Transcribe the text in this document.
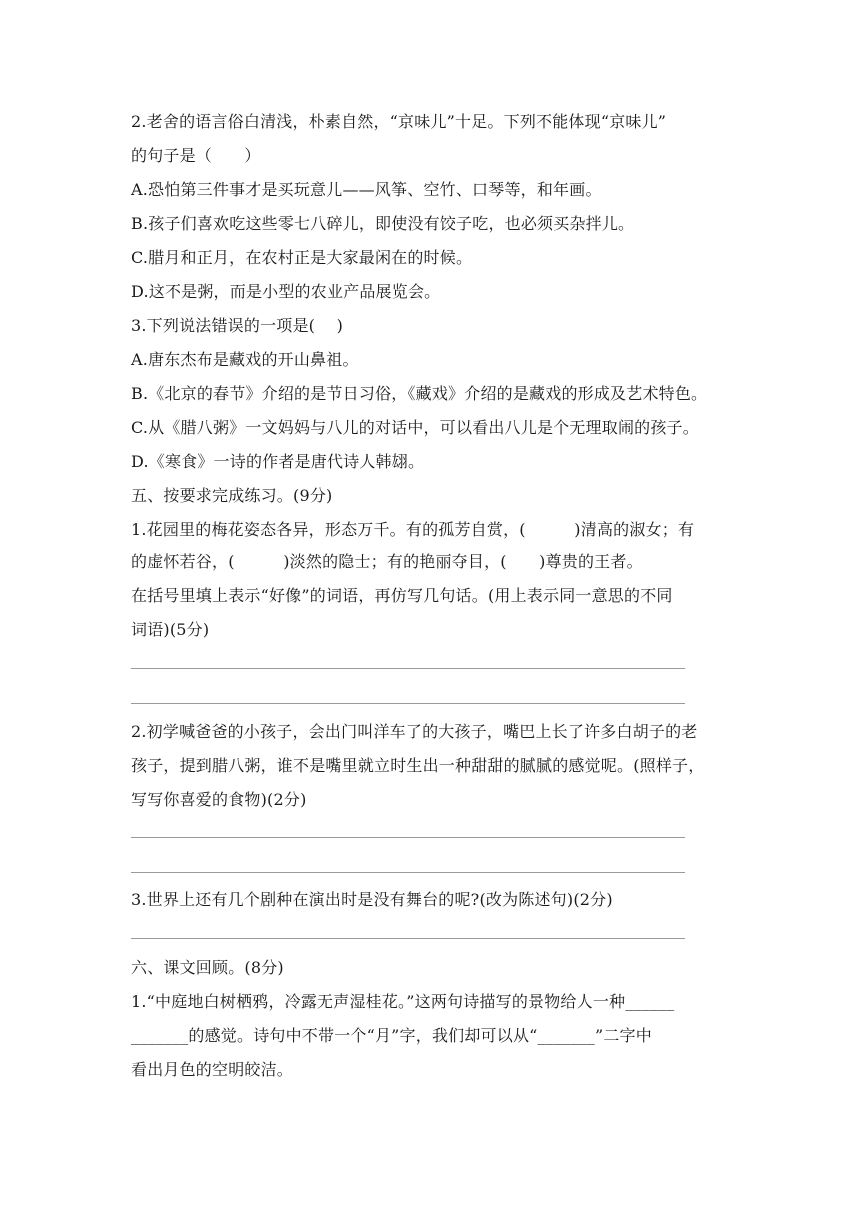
2.老舍的语言俗白清浅，朴素自然，“京味儿”十足。下列不能体现“京味儿”
的句子是（　　）
A.恐怕第三件事才是买玩意儿——风筝、空竹、口琴等，和年画。
B.孩子们喜欢吃这些零七八碎儿，即使没有饺子吃，也必须买杂拌儿。
C.腊月和正月，在农村正是大家最闲在的时候。
D.这不是粥，而是小型的农业产品展览会。
3.下列说法错误的一项是(　 )
A.唐东杰布是藏戏的开山鼻祖。
B.《北京的春节》介绍的是节日习俗，《藏戏》介绍的是藏戏的形成及艺术特色。
C.从《腊八粥》一文妈妈与八儿的对话中，可以看出八儿是个无理取闹的孩子。
D.《寒食》一诗的作者是唐代诗人韩翃。
五、按要求完成练习。(9分)
1.花园里的梅花姿态各异，形态万千。有的孤芳自赏，(　　　)清高的淑女；有
的虚怀若谷，(　　　)淡然的隐士；有的艳丽夺目，(　　)尊贵的王者。
在括号里填上表示“好像”的词语，再仿写几句话。(用上表示同一意思的不同
词语)(5分)
2.初学喊爸爸的小孩子，会出门叫洋车了的大孩子，嘴巴上长了许多白胡子的老
孩子，提到腊八粥，谁不是嘴里就立时生出一种甜甜的腻腻的感觉呢。(照样子，
写写你喜爱的食物)(2分)
3.世界上还有几个剧种在演出时是没有舞台的呢?(改为陈述句)(2分)
六、课文回顾。(8分)
1.“中庭地白树栖鸦，冷露无声湿桂花。”这两句诗描写的景物给人一种______
_______的感觉。诗句中不带一个“月”字，我们却可以从“_______”二字中
看出月色的空明皎洁。
